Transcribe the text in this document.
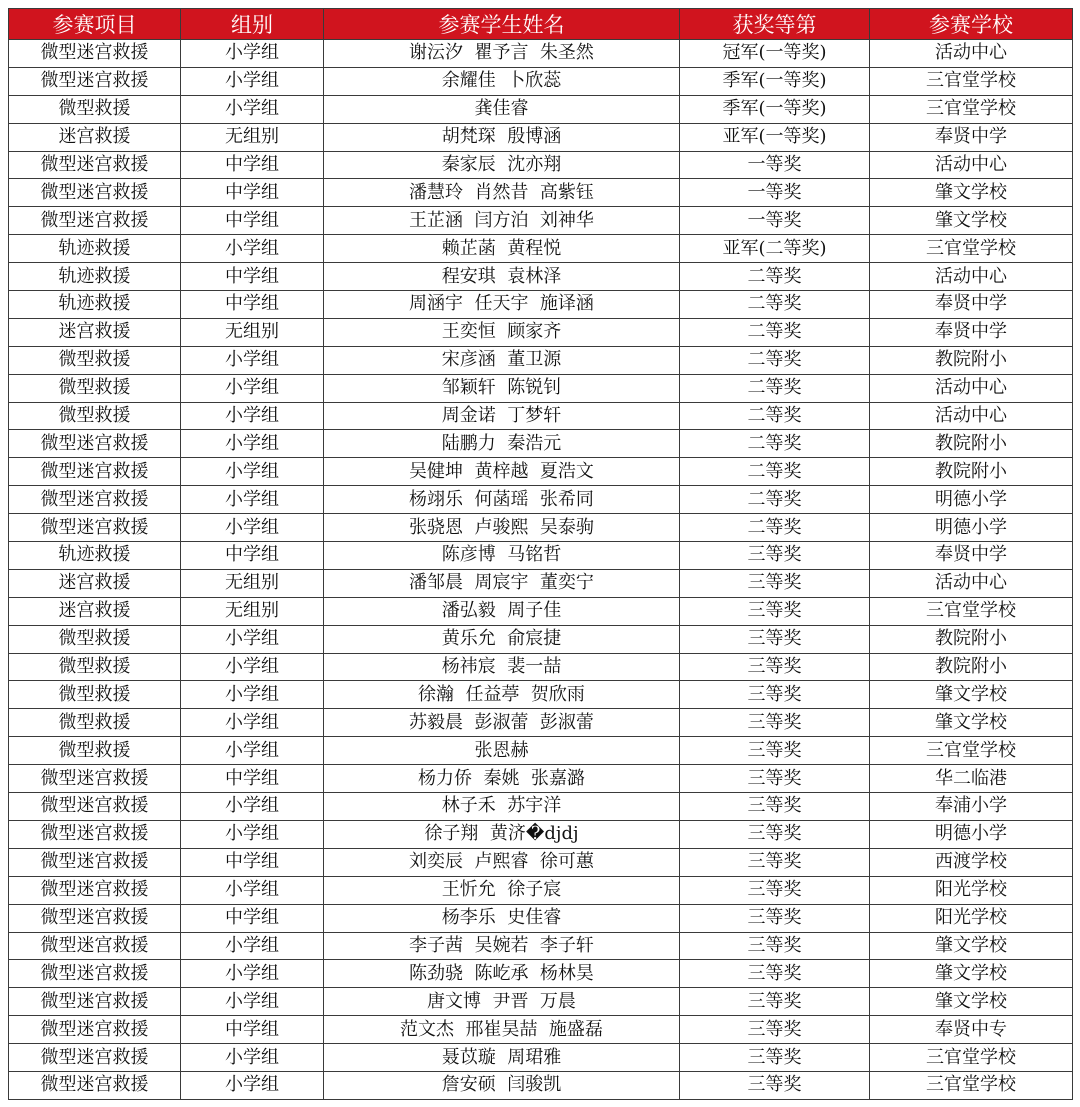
参赛项目	组别	参赛学生姓名	获奖等第	参赛学校
微型迷宫救援	小学组	谢沄汐  瞿予言  朱圣然	冠军(一等奖)	活动中心
微型迷宫救援	小学组	余耀佳  卜欣蕊	季军(一等奖)	三官堂学校
微型救援	小学组	龚佳睿	季军(一等奖)	三官堂学校
迷宫救援	无组别	胡梵琛  殷博涵	亚军(一等奖)	奉贤中学
微型迷宫救援	中学组	秦家辰  沈亦翔	一等奖	活动中心
微型迷宫救援	中学组	潘慧玲  肖然昔  高紫钰	一等奖	肇文学校
微型迷宫救援	中学组	王芷涵  闫方泊  刘神华	一等奖	肇文学校
轨迹救援	小学组	赖芷菡  黄程悦	亚军(二等奖)	三官堂学校
轨迹救援	中学组	程安琪  袁林泽	二等奖	活动中心
轨迹救援	中学组	周涵宇  任天宇  施译涵	二等奖	奉贤中学
迷宫救援	无组别	王奕恒  顾家齐	二等奖	奉贤中学
微型救援	小学组	宋彦涵  董卫源	二等奖	教院附小
微型救援	小学组	邹颖轩  陈锐钊	二等奖	活动中心
微型救援	小学组	周金诺  丁梦轩	二等奖	活动中心
微型迷宫救援	小学组	陆鹏力  秦浩元	二等奖	教院附小
微型迷宫救援	小学组	吴健坤  黄梓越  夏浩文	二等奖	教院附小
微型迷宫救援	小学组	杨翊乐  何菡瑶  张希同	二等奖	明德小学
微型迷宫救援	小学组	张骁恩  卢骏熙  吴泰驹	二等奖	明德小学
轨迹救援	中学组	陈彦博  马铭哲	三等奖	奉贤中学
迷宫救援	无组别	潘邹晨  周宸宇  董奕宁	三等奖	活动中心
迷宫救援	无组别	潘弘毅  周子佳	三等奖	三官堂学校
微型救援	小学组	黄乐允  俞宸捷	三等奖	教院附小
微型救援	小学组	杨祎宸  裴一喆	三等奖	教院附小
微型救援	小学组	徐瀚  任益葶  贺欣雨	三等奖	肇文学校
微型救援	小学组	苏毅晨  彭淑蕾  彭淑蕾	三等奖	肇文学校
微型救援	小学组	张恩赫	三等奖	三官堂学校
微型迷宫救援	中学组	杨力侨  秦姚  张嘉潞	三等奖	华二临港
微型迷宫救援	小学组	林子禾  苏宇洋	三等奖	奉浦小学
微型迷宫救援	小学组	徐子翔  黄济�djdj	三等奖	明德小学
微型迷宫救援	中学组	刘奕辰  卢熙睿  徐可蕙	三等奖	西渡学校
微型迷宫救援	小学组	王忻允  徐子宸	三等奖	阳光学校
微型迷宫救援	中学组	杨李乐  史佳睿	三等奖	阳光学校
微型迷宫救援	小学组	李子茜  吴婉若  李子轩	三等奖	肇文学校
微型迷宫救援	小学组	陈劲骁  陈屹承  杨林昊	三等奖	肇文学校
微型迷宫救援	小学组	唐文博  尹晋  万晨	三等奖	肇文学校
微型迷宫救援	中学组	范文杰  邢崔昊喆  施盛磊	三等奖	奉贤中专
微型迷宫救援	小学组	聂苡璇  周珺雅	三等奖	三官堂学校
微型迷宫救援	小学组	詹安硕  闫骏凯	三等奖	三官堂学校
